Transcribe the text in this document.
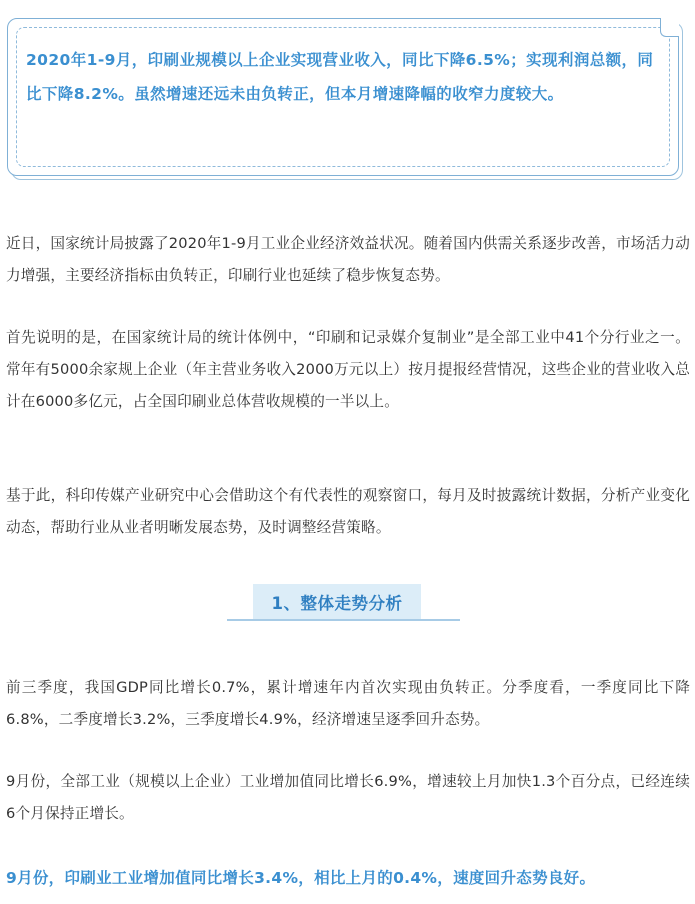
2020年1-9月，印刷业规模以上企业实现营业收入，同比下降6.5%；实现利润总额，同比下降8.2%。虽然增速还远未由负转正，但本月增速降幅的收窄力度较大。

近日，国家统计局披露了2020年1-9月工业企业经济效益状况。随着国内供需关系逐步改善，市场活力动力增强，主要经济指标由负转正，印刷行业也延续了稳步恢复态势。

首先说明的是，在国家统计局的统计体例中，“印刷和记录媒介复制业”是全部工业中41个分行业之一。常年有5000余家规上企业（年主营业务收入2000万元以上）按月提报经营情况，这些企业的营业收入总计在6000多亿元，占全国印刷业总体营收规模的一半以上。

基于此，科印传媒产业研究中心会借助这个有代表性的观察窗口，每月及时披露统计数据，分析产业变化动态，帮助行业从业者明晰发展态势，及时调整经营策略。

1、整体走势分析

前三季度，我国GDP同比增长0.7%，累计增速年内首次实现由负转正。分季度看，一季度同比下降6.8%，二季度增长3.2%，三季度增长4.9%，经济增速呈逐季回升态势。

9月份，全部工业（规模以上企业）工业增加值同比增长6.9%，增速较上月加快1.3个百分点，已经连续6个月保持正增长。

9月份，印刷业工业增加值同比增长3.4%，相比上月的0.4%，速度回升态势良好。
